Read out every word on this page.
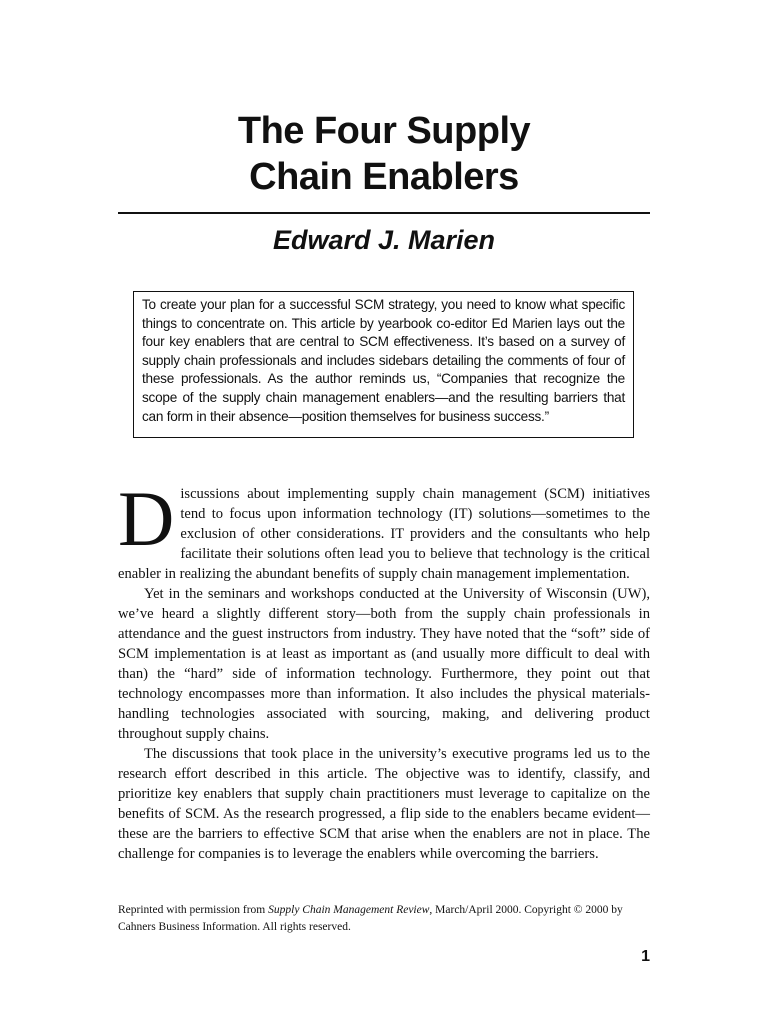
The Four Supply
Chain Enablers
Edward J. Marien
To create your plan for a successful SCM strategy, you need to know what specific things to concentrate on. This article by yearbook co-editor Ed Marien lays out the four key enablers that are central to SCM effectiveness. It’s based on a survey of supply chain professionals and includes sidebars detailing the comments of four of these professionals. As the author reminds us, “Companies that recognize the scope of the supply chain management enablers—and the resulting barriers that can form in their absence—position themselves for business success.”

Discussions about implementing supply chain management (SCM) initiatives tend to focus upon information technology (IT) solutions—sometimes to the exclusion of other considerations. IT providers and the consultants who help facilitate their solutions often lead you to believe that technology is the critical enabler in realizing the abundant benefits of supply chain management implementation.

Yet in the seminars and workshops conducted at the University of Wisconsin (UW), we’ve heard a slightly different story—both from the supply chain professionals in attendance and the guest instructors from industry. They have noted that the “soft” side of SCM implementation is at least as important as (and usually more difficult to deal with than) the “hard” side of information technology. Furthermore, they point out that technology encompasses more than information. It also includes the physical materials-handling technologies associated with sourcing, making, and delivering product throughout supply chains.

The discussions that took place in the university’s executive programs led us to the research effort described in this article. The objective was to identify, classify, and prioritize key enablers that supply chain practitioners must leverage to capitalize on the benefits of SCM. As the research progressed, a flip side to the enablers became evident—these are the barriers to effective SCM that arise when the enablers are not in place. The challenge for companies is to leverage the enablers while overcoming the barriers.

Reprinted with permission from Supply Chain Management Review, March/April 2000. Copyright © 2000 by Cahners Business Information. All rights reserved.

1
